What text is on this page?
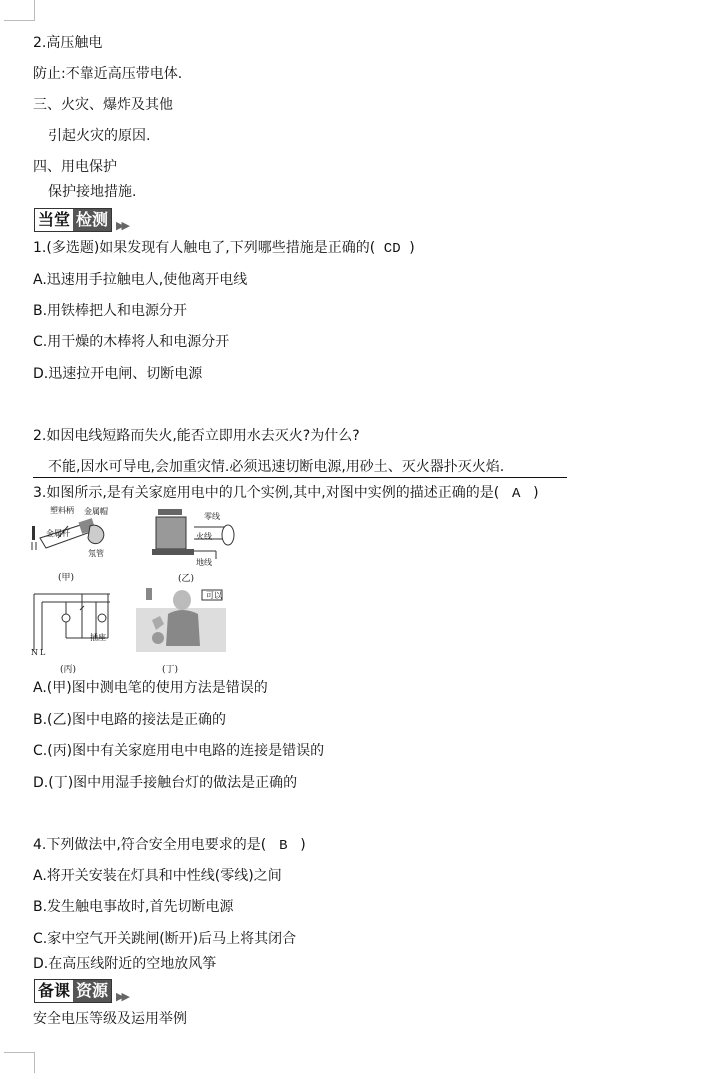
2.高压触电
防止:不靠近高压带电体.
三、火灾、爆炸及其他
引起火灾的原因.
四、用电保护
保护接地措施.
当堂 检测 ▶▶
1.(多选题)如果发现有人触电了,下列哪些措施是正确的( CD )
A.迅速用手拉触电人,使他离开电线
B.用铁棒把人和电源分开
C.用干燥的木棒将人和电源分开
D.迅速拉开电闸、切断电源
2.如因电线短路而失火,能否立即用水去灭火?为什么?
不能,因水可导电,会加重灾情.必须迅速切断电源,用砂土、灭火器扑灭火焰.
3.如图所示,是有关家庭用电中的几个实例,其中,对图中实例的描述正确的是( A )
塑料柄 金属帽
金属杆
氖管
(甲)
零线
火线
地线
(乙)
N L
插座
(丙)
可以
(丁)
A.(甲)图中测电笔的使用方法是错误的
B.(乙)图中电路的接法是正确的
C.(丙)图中有关家庭用电中电路的连接是错误的
D.(丁)图中用湿手接触台灯的做法是正确的
4.下列做法中,符合安全用电要求的是( B )
A.将开关安装在灯具和中性线(零线)之间
B.发生触电事故时,首先切断电源
C.家中空气开关跳闸(断开)后马上将其闭合
D.在高压线附近的空地放风筝
备课 资源 ▶▶
安全电压等级及运用举例
